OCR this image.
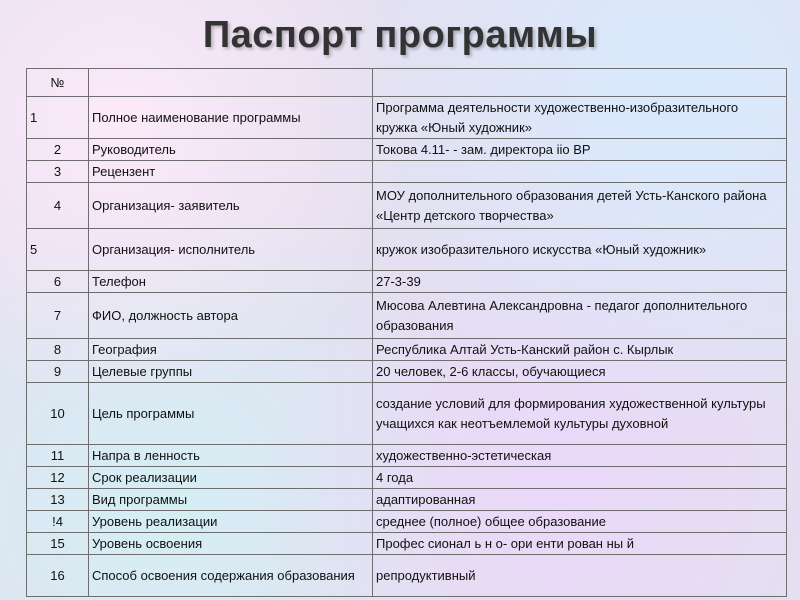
Паспорт программы
№		
1	Полное наименование программы	Программа деятельности художественно-изобразительного кружка «Юный художник»
2	Руководитель	Токова 4.11- - зам. директора iio ВР
3	Рецензент	
4	Организация- заявитель	МОУ дополнительного образования детей Усть-Канского района «Центр детского творчества»
5	Организация- исполнитель	кружок изобразительного искусства «Юный художник»
6	Телефон	27-3-39
7	ФИО, должность автора	Мюсова Алевтина Александровна - педагог дополнительного образования
8	География	Республика Алтай Усть-Канский район с. Кырлык
9	Целевые группы	20 человек, 2-6 классы, обучающиеся
10	Цель программы	создание условий для формирования художественной культуры учащихся как неотъемлемой культуры духовной
11	Напра в ленность	художественно-эстетическая
12	Срок реализации	4 года
13	Вид программы	адаптированная
!4	Уровень реализации	среднее (полное) общее образование
15	Уровень освоения	Профес сионал ь н о- ори енти рован ны й
16	Способ освоения содержания образования	репродуктивный
